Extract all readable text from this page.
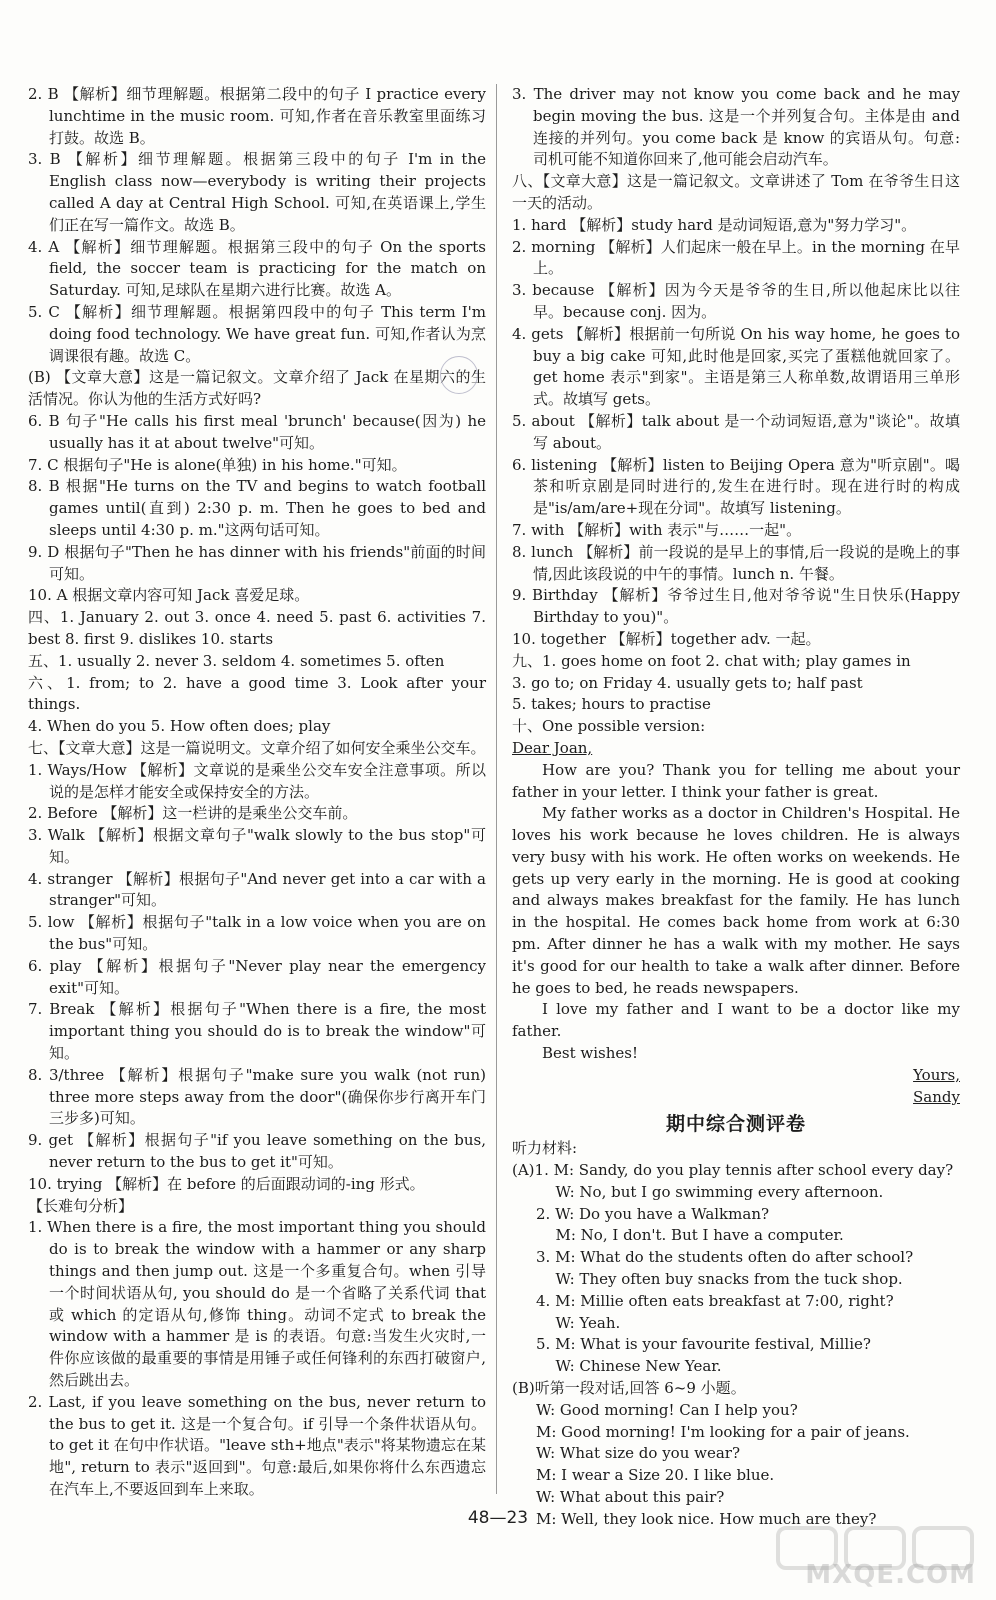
2. B 【解析】细节理解题。根据第二段中的句子 I practice every lunchtime in the music room. 可知,作者在音乐教室里面练习打鼓。故选 B。

3. B 【解析】细节理解题。根据第三段中的句子 I'm in the English class now—everybody is writing their projects called A day at Central High School. 可知,在英语课上,学生们正在写一篇作文。故选 B。

4. A 【解析】细节理解题。根据第三段中的句子 On the sports field, the soccer team is practicing for the match on Saturday. 可知,足球队在星期六进行比赛。故选 A。

5. C 【解析】细节理解题。根据第四段中的句子 This term I'm doing food technology. We have great fun. 可知,作者认为烹调课很有趣。故选 C。

(B) 【文章大意】这是一篇记叙文。文章介绍了 Jack 在星期六的生活情况。你认为他的生活方式好吗?

6. B 句子"He calls his first meal 'brunch' because(因为) he usually has it at about twelve"可知。

7. C 根据句子"He is alone(单独) in his home."可知。

8. B 根据"He turns on the TV and begins to watch football games until(直到) 2:30 p. m. Then he goes to bed and sleeps until 4:30 p. m."这两句话可知。

9. D 根据句子"Then he has dinner with his friends"前面的时间可知。

10. A 根据文章内容可知 Jack 喜爱足球。

四、1. January 2. out 3. once 4. need 5. past 6. activities 7. best 8. first 9. dislikes 10. starts

五、1. usually 2. never 3. seldom 4. sometimes 5. often

六、1. from; to 2. have a good time 3. Look after your things.

4. When do you 5. How often does; play

七、【文章大意】这是一篇说明文。文章介绍了如何安全乘坐公交车。

1. Ways/How 【解析】文章说的是乘坐公交车安全注意事项。所以说的是怎样才能安全或保持安全的方法。

2. Before 【解析】这一栏讲的是乘坐公交车前。

3. Walk 【解析】根据文章句子"walk slowly to the bus stop"可知。

4. stranger 【解析】根据句子"And never get into a car with a stranger"可知。

5. low 【解析】根据句子"talk in a low voice when you are on the bus"可知。

6. play 【解析】根据句子"Never play near the emergency exit"可知。

7. Break 【解析】根据句子"When there is a fire, the most important thing you should do is to break the window"可知。

8. 3/three 【解析】根据句子"make sure you walk (not run) three more steps away from the door"(确保你步行离开车门三步多)可知。

9. get 【解析】根据句子"if you leave something on the bus, never return to the bus to get it"可知。

10. trying 【解析】在 before 的后面跟动词的-ing 形式。

【长难句分析】

1. When there is a fire, the most important thing you should do is to break the window with a hammer or any sharp things and then jump out. 这是一个多重复合句。when 引导一个时间状语从句, you should do 是一个省略了关系代词 that 或 which 的定语从句,修饰 thing。动词不定式 to break the window with a hammer 是 is 的表语。句意:当发生火灾时,一件你应该做的最重要的事情是用锤子或任何锋利的东西打破窗户,然后跳出去。

2. Last, if you leave something on the bus, never return to the bus to get it. 这是一个复合句。if 引导一个条件状语从句。to get it 在句中作状语。"leave sth+地点"表示"将某物遗忘在某地", return to 表示"返回到"。句意:最后,如果你将什么东西遗忘在汽车上,不要返回到车上来取。

3. The driver may not know you come back and he may begin moving the bus. 这是一个并列复合句。主体是由 and 连接的并列句。you come back 是 know 的宾语从句。句意:司机可能不知道你回来了,他可能会启动汽车。

八、【文章大意】这是一篇记叙文。文章讲述了 Tom 在爷爷生日这一天的活动。

1. hard 【解析】study hard 是动词短语,意为"努力学习"。

2. morning 【解析】人们起床一般在早上。in the morning 在早上。

3. because 【解析】因为今天是爷爷的生日,所以他起床比以往早。because conj. 因为。

4. gets 【解析】根据前一句所说 On his way home, he goes to buy a big cake 可知,此时他是回家,买完了蛋糕他就回家了。get home 表示"到家"。主语是第三人称单数,故谓语用三单形式。故填写 gets。

5. about 【解析】talk about 是一个动词短语,意为"谈论"。故填写 about。

6. listening 【解析】listen to Beijing Opera 意为"听京剧"。喝茶和听京剧是同时进行的,发生在进行时。现在进行时的构成是"is/am/are+现在分词"。故填写 listening。

7. with 【解析】with 表示"与……一起"。

8. lunch 【解析】前一段说的是早上的事情,后一段说的是晚上的事情,因此该段说的中午的事情。lunch n. 午餐。

9. Birthday 【解析】爷爷过生日,他对爷爷说"生日快乐(Happy Birthday to you)"。

10. together 【解析】together adv. 一起。

九、1. goes home on foot 2. chat with; play games in

3. go to; on Friday 4. usually gets to; half past

5. takes; hours to practise

十、One possible version:

Dear Joan,

How are you? Thank you for telling me about your father in your letter. I think your father is great.

My father works as a doctor in Children's Hospital. He loves his work because he loves children. He is always very busy with his work. He often works on weekends. He gets up very early in the morning. He is good at cooking and always makes breakfast for the family. He has lunch in the hospital. He comes back home from work at 6:30 pm. After dinner he has a walk with my mother. He says it's good for our health to take a walk after dinner. Before he goes to bed, he reads newspapers.

I love my father and I want to be a doctor like my father.

Best wishes!

Yours,

Sandy

期中综合测评卷

听力材料:

(A)1. M: Sandy, do you play tennis after school every day?

W: No, but I go swimming every afternoon.

2. W: Do you have a Walkman?

M: No, I don't. But I have a computer.

3. M: What do the students often do after school?

W: They often buy snacks from the tuck shop.

4. M: Millie often eats breakfast at 7:00, right?

W: Yeah.

5. M: What is your favourite festival, Millie?

W: Chinese New Year.

(B)听第一段对话,回答 6~9 小题。

W: Good morning! Can I help you?

M: Good morning! I'm looking for a pair of jeans.

W: What size do you wear?

M: I wear a Size 20. I like blue.

W: What about this pair?

M: Well, they look nice. How much are they?

48—23
MXQE.COM
